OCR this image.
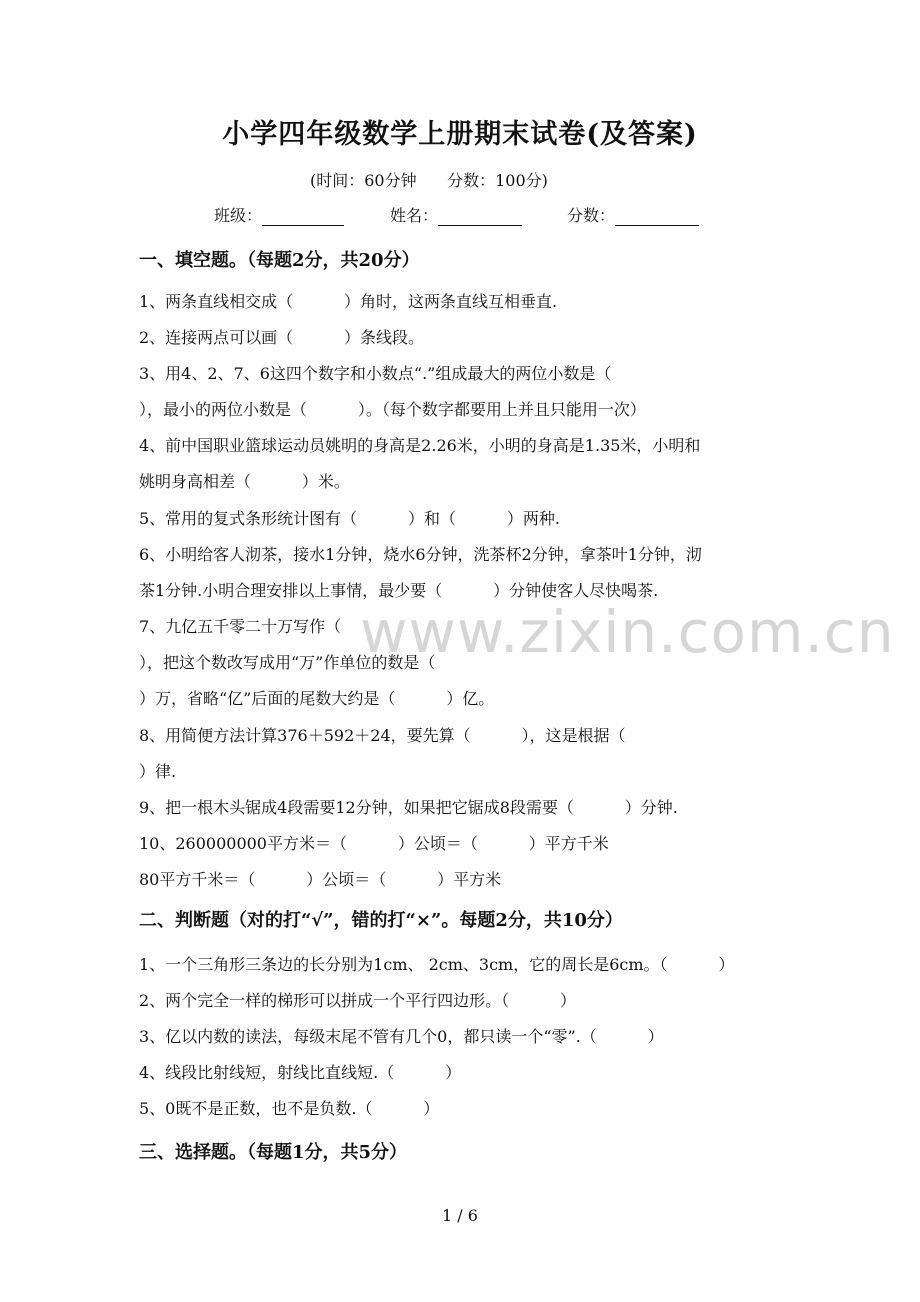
小学四年级数学上册期末试卷(及答案)
(时间：60分钟      分数：100分)
班级：	姓名：	分数：
一、填空题。（每题2分，共20分）
1、两条直线相交成（          ）角时，这两条直线互相垂直.
2、连接两点可以画（          ）条线段。
3、用4、2、7、6这四个数字和小数点“.”组成最大的两位小数是（
），最小的两位小数是（          ）。（每个数字都要用上并且只能用一次）
4、前中国职业篮球运动员姚明的身高是2.26米，小明的身高是1.35米，小明和
姚明身高相差（          ）米。
5、常用的复式条形统计图有（          ）和（          ）两种.
6、小明给客人沏茶，接水1分钟，烧水6分钟，洗茶杯2分钟，拿茶叶1分钟，沏
茶1分钟.小明合理安排以上事情，最少要（          ）分钟使客人尽快喝茶.
7、九亿五千零二十万写作（
），把这个数改写成用“万”作单位的数是（
）万，省略“亿”后面的尾数大约是（          ）亿。
8、用简便方法计算376＋592＋24，要先算（          ），这是根据（
）律.
9、把一根木头锯成4段需要12分钟，如果把它锯成8段需要（          ）分钟.
10、260000000平方米＝（          ）公顷＝（          ）平方千米
80平方千米＝（          ）公顷＝（          ）平方米
二、判断题（对的打“√”，错的打“×”。每题2分，共10分）
1、一个三角形三条边的长分别为1cm、 2cm、3cm，它的周长是6cm。（          ）
2、两个完全一样的梯形可以拼成一个平行四边形。（          ）
3、亿以内数的读法，每级末尾不管有几个0，都只读一个“零”.（          ）
4、线段比射线短，射线比直线短.（          ）
5、0既不是正数，也不是负数.（          ）
三、选择题。（每题1分，共5分）
www.zixin.com.cn
1 / 6
